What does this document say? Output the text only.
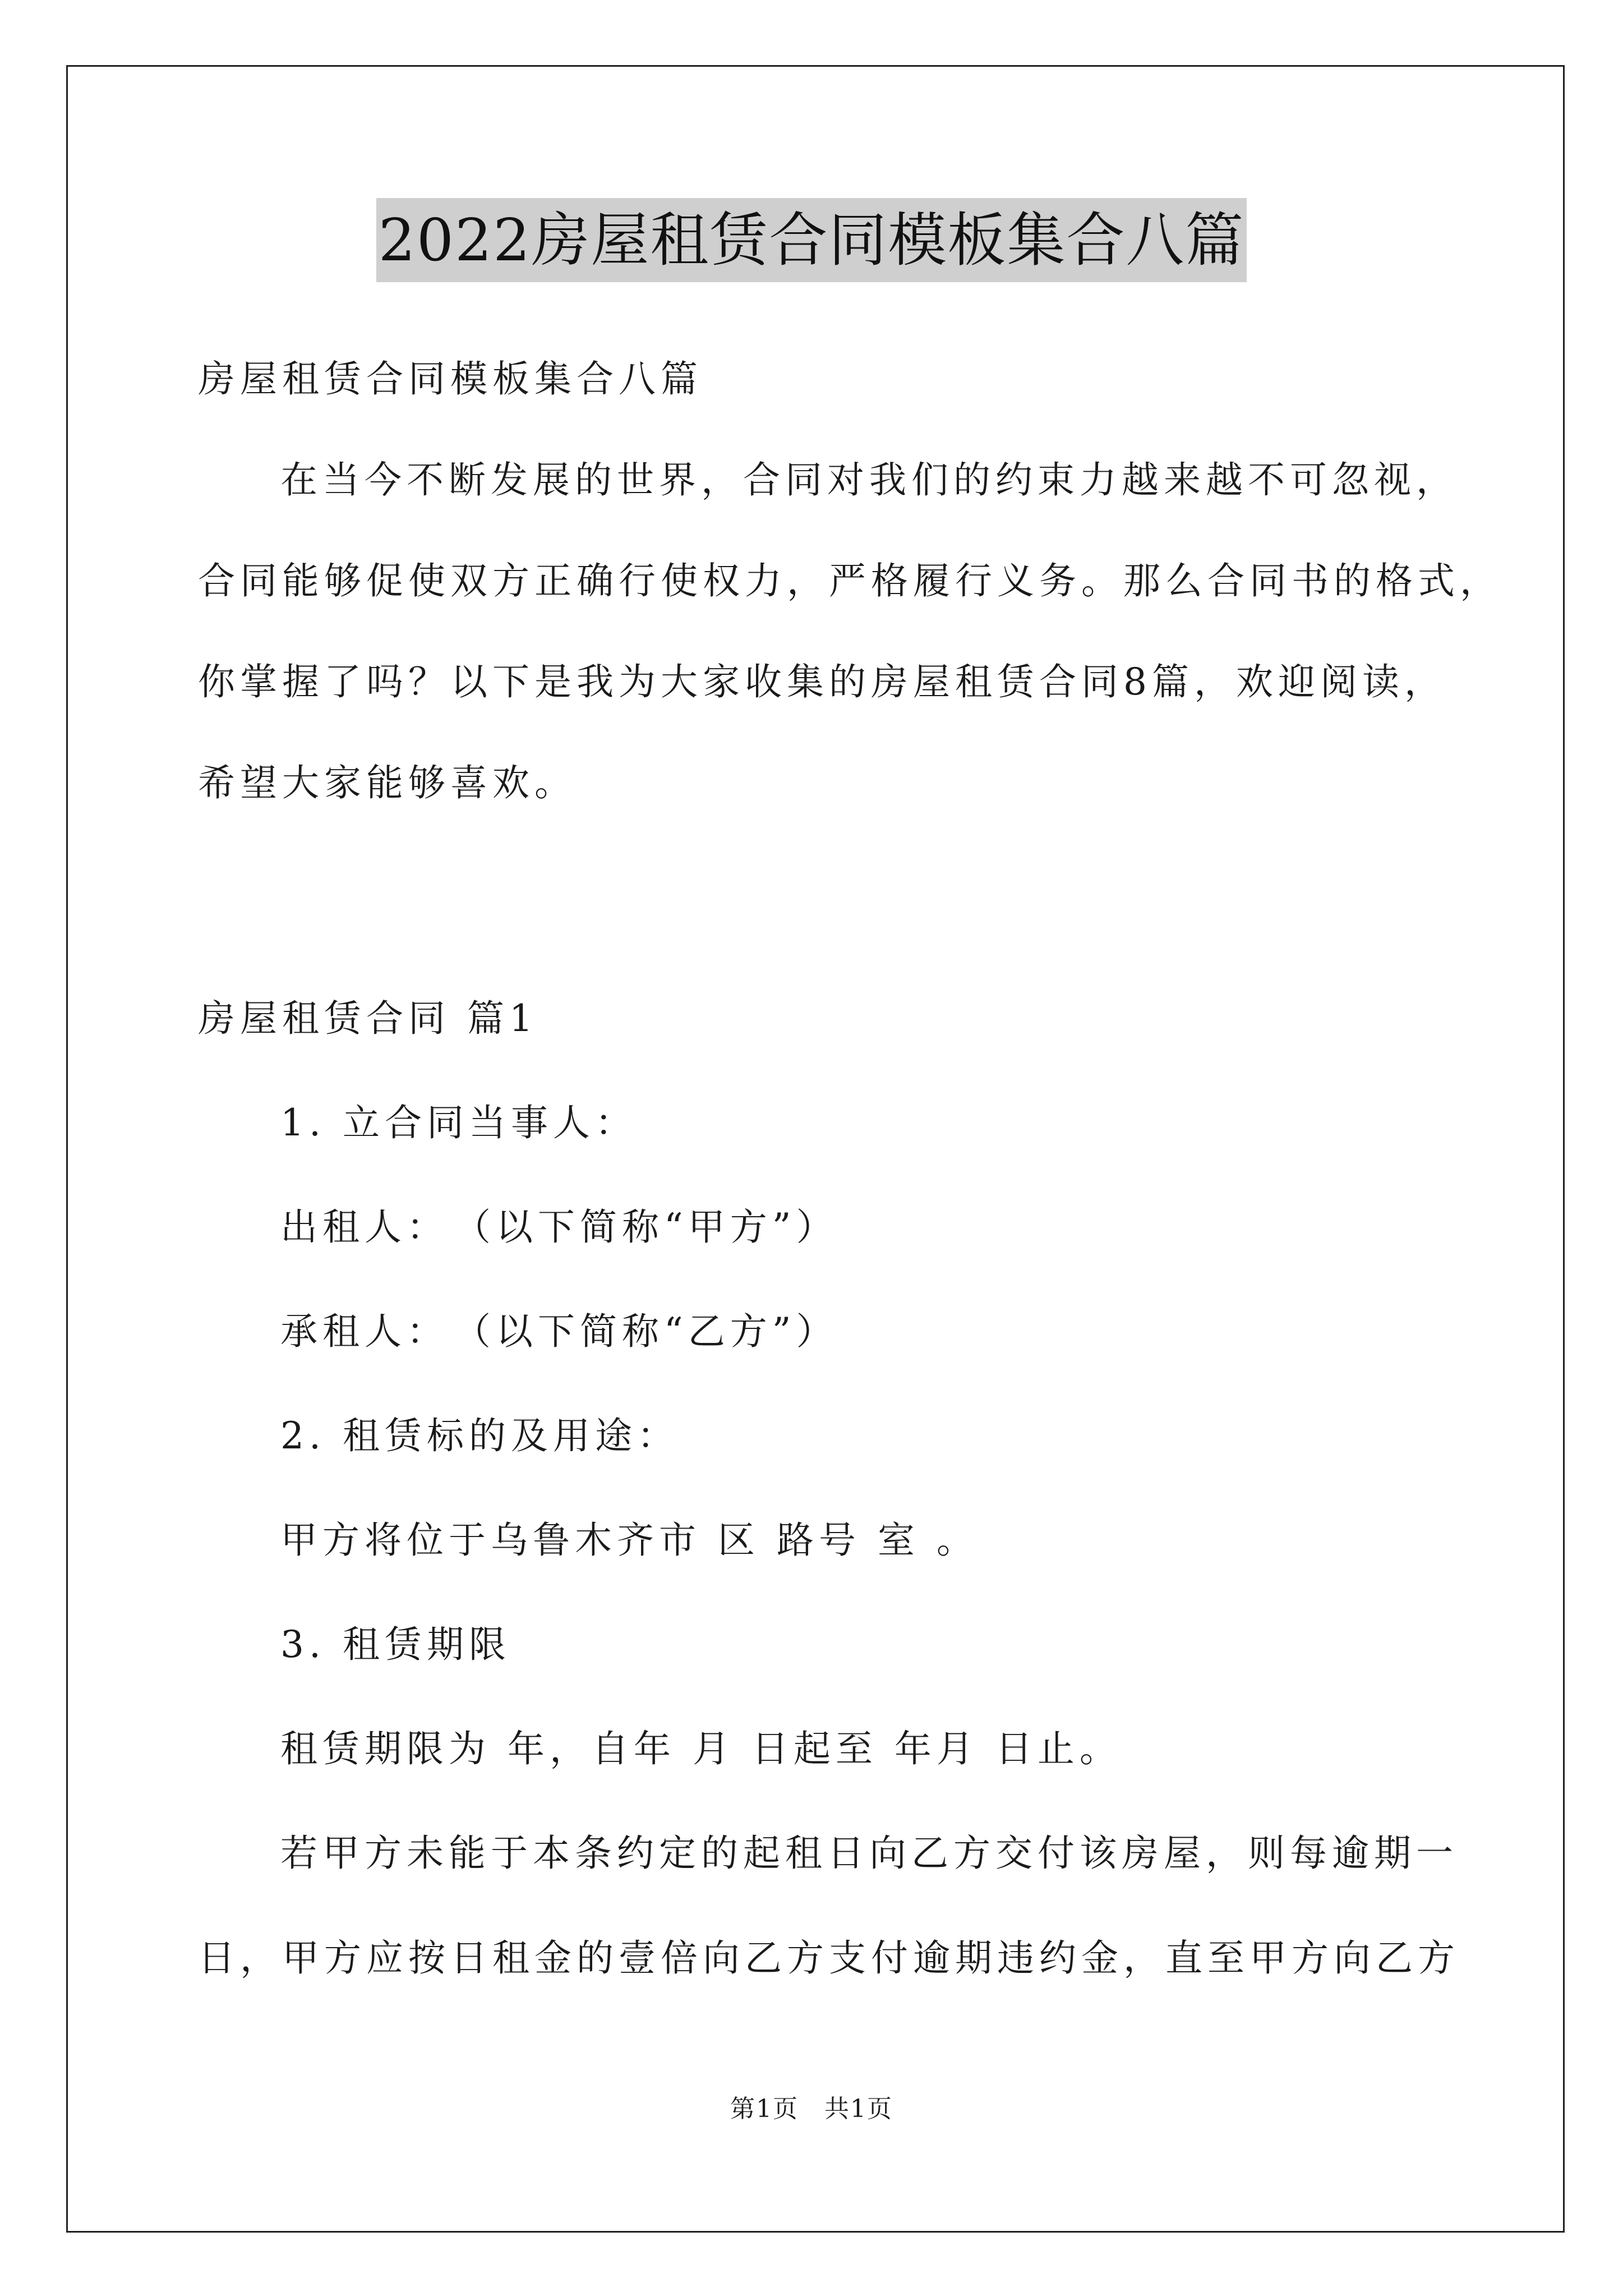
2022房屋租赁合同模板集合八篇
房屋租赁合同模板集合八篇
在当今不断发展的世界，合同对我们的约束力越来越不可忽视，
合同能够促使双方正确行使权力，严格履行义务。那么合同书的格式，
你掌握了吗？以下是我为大家收集的房屋租赁合同8篇，欢迎阅读，
希望大家能够喜欢。
房屋租赁合同 篇1
1. 立合同当事人：
出租人：　（以下简称“甲方”）
承租人：　（以下简称“乙方”）
2. 租赁标的及用途：
甲方将位于乌鲁木齐市 区 路号 室 。
3. 租赁期限
租赁期限为 年，自年 月 日起至 年月 日止。
若甲方未能于本条约定的起租日向乙方交付该房屋，则每逾期一
日，甲方应按日租金的壹倍向乙方支付逾期违约金，直至甲方向乙方
第1页　共1页
